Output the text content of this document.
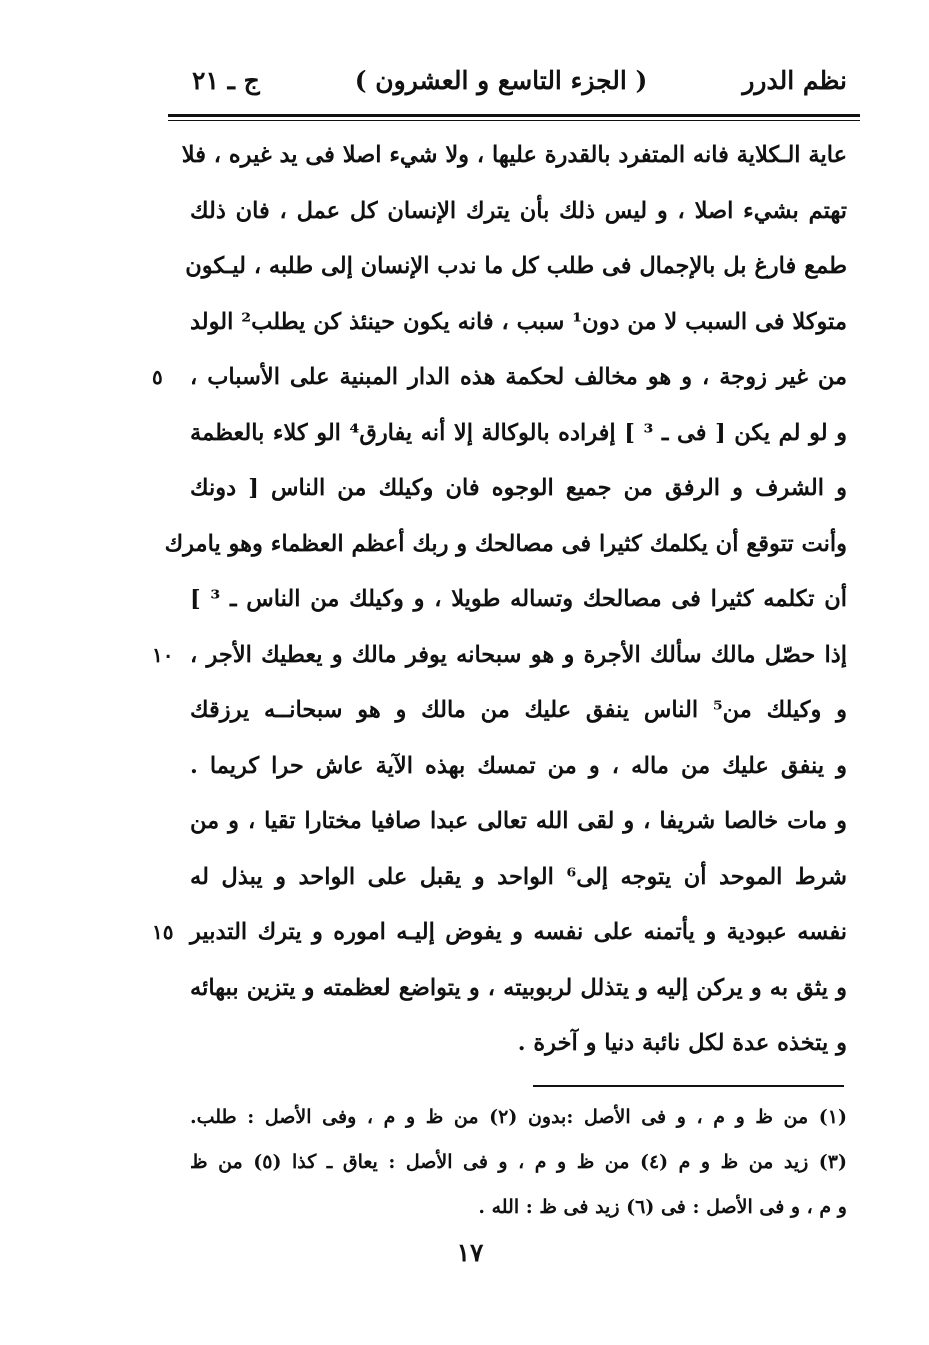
نظم الدرر
( الجزء التاسع و العشرون )
ج ـ ٢١
عاية الـكلاية فانه المتفرد بالقدرة عليها ، ولا شيء اصلا فى يد غيره ، فلا
تهتم بشيء اصلا ، و ليس ذلك بأن يترك الإنسان كل عمل ، فان ذلك
طمع فارغ بل بالإجمال فى طلب كل ما ندب الإنسان إلى طلبه ، ليـكون
متوكلا فى السبب لا من دون¹ سبب ، فانه يكون حينئذ كن يطلب² الولد
من غير زوجة ، و هو مخالف لحكمة هذه الدار المبنية على الأسباب ،
٥
و لو لم يكن [ فى ـ ³ ] إفراده بالوكالة إلا أنه يفارق⁴ الو كلاء بالعظمة
و الشرف و الرفق من جميع الوجوه فان وكيلك من الناس [ دونك
وأنت تتوقع أن يكلمك كثيرا فى مصالحك و ربك أعظم العظماء وهو يامرك
أن تكلمه كثيرا فى مصالحك وتساله طويلا ، و وكيلك من الناس ـ ³ ]
إذا حصّل مالك سألك الأجرة و هو سبحانه يوفر مالك و يعطيك الأجر ،
١٠
و وكيلك من⁵ الناس ينفق عليك من مالك و هو سبحانــه يرزقك
و ينفق عليك من ماله ، و من تمسك بهذه الآية عاش حرا كريما .
و مات خالصا شريفا ، و لقى الله تعالى عبدا صافيا مختارا تقيا ، و من
شرط الموحد أن يتوجه إلى⁶ الواحد و يقبل على الواحد و يبذل له
نفسه عبودية و يأتمنه على نفسه و يفوض إليـه اموره و يترك التدبير
١٥
و يثق به و يركن إليه و يتذلل لربوبيته ، و يتواضع لعظمته و يتزين ببهائه
و يتخذه عدة لكل نائبة دنيا و آخرة .
(١) من ظ و م ، و فى الأصل :بدون (٢) من ظ و م ، وفى الأصل : طلب.
(٣) زيد من ظ و م (٤) من ظ و م ، و فى الأصل : يعاق ـ كذا (٥) من ظ
و م ، و فى الأصل : فى (٦) زيد فى ظ : الله .
١٧
